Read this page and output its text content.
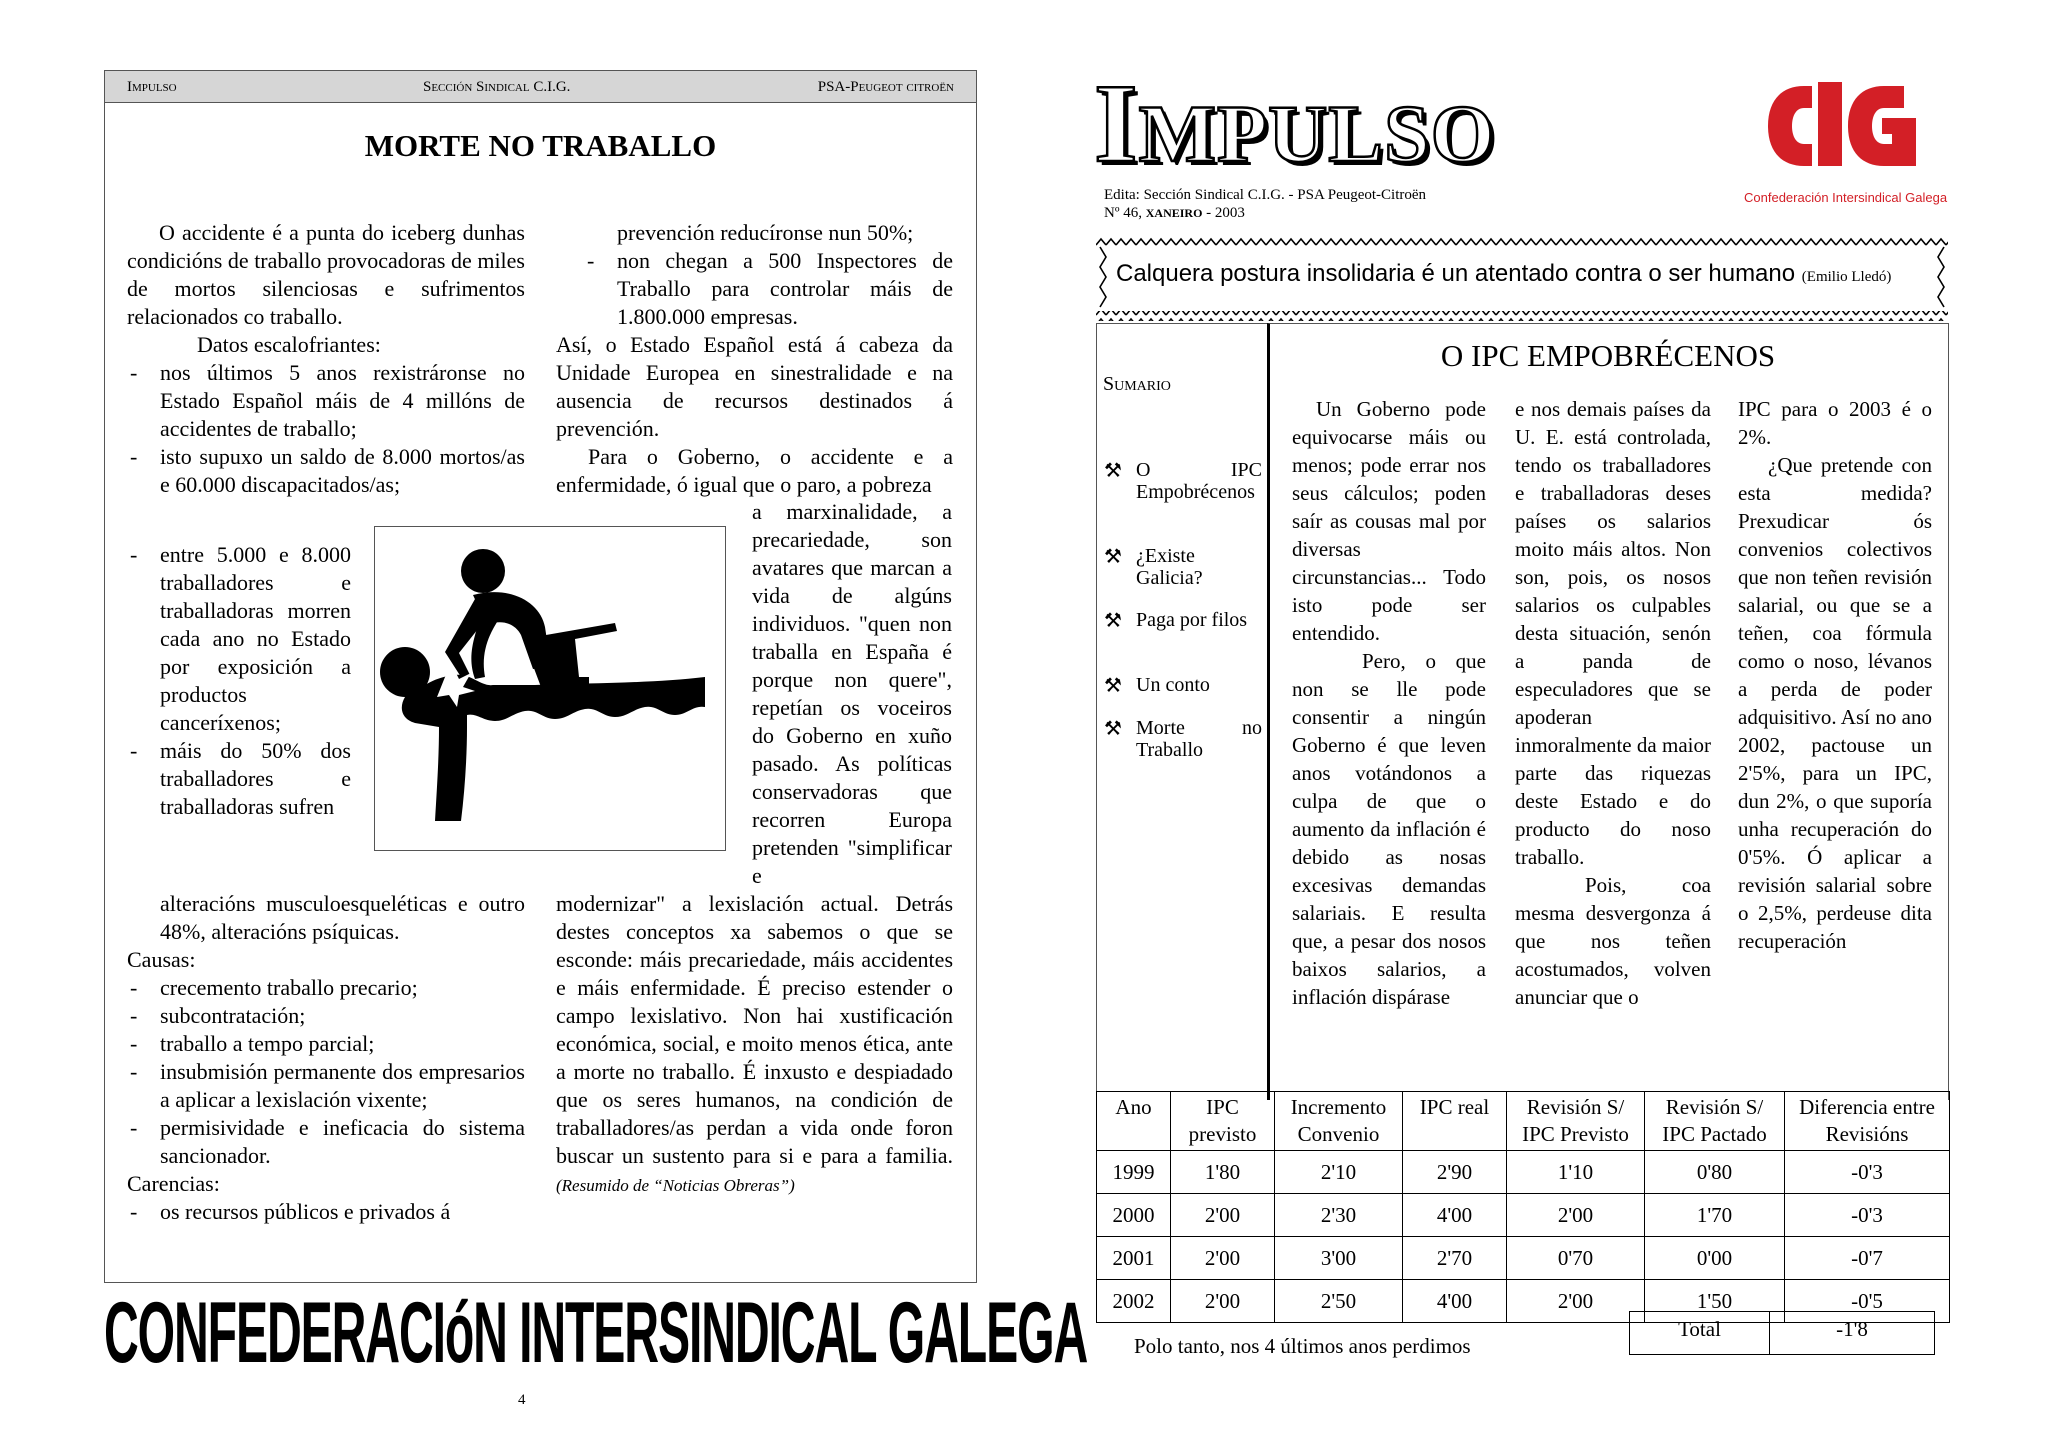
Impulso	Sección Sindical C.I.G.	PSA-Peugeot citroën
MORTE NO TRABALLO

O accidente é a punta do iceberg dunhas condicións de traballo provocadoras de miles de mortos silenciosas e sufrimentos relacionados co traballo.

Datos escalofriantes:

-	nos últimos 5 anos rexistráronse no Estado Español máis de 4 millóns de accidentes de traballo;
-	isto supuxo un saldo de 8.000 mortos/as e 60.000 discapacitados/as;
-	entre 5.000 e 8.000 traballadores e traballadoras morren cada ano no Estado por exposición a productos canceríxenos;
-	máis do 50% dos traballadores e traballadoras sufren

alteracións musculoesqueléticas e outro 48%, alteracións psíquicas.

Causas:

-	crecemento traballo precario;
-	subcontratación;
-	traballo a tempo parcial;
-	insubmisión permanente dos empresarios a aplicar a lexislación vixente;
-	permisividade e ineficacia do sistema sancionador.

Carencias:

-	os recursos públicos e privados á

prevención reducíronse nun 50%;

-	non chegan a 500 Inspectores de Traballo para controlar máis de 1.800.000 empresas.

Así, o Estado Español está á cabeza da Unidade Europea en sinestralidade e na ausencia de recursos destinados á prevención.

Para o Goberno, o accidente e a enfermidade, ó igual que o paro, a pobreza

a marxinalidade, a precariedade, son avatares que marcan a vida de algúns individuos. "quen non traballa en España é porque non quere", repetían os voceiros do Goberno en xuño pasado. As políticas conservadoras que recorren Europa pretenden "simplificar e
modernizar" a lexislación actual. Detrás destes conceptos xa sabemos o que se esconde: máis precariedade, máis accidentes e máis enfermidade. É preciso estender o campo lexislativo. Non hai xustificación económica, social, e moito menos ética, ante a morte no traballo. É inxusto e despiadado que os seres humanos, na condición de traballadores/as perdan a vida onde foron buscar un sustento para si e para a familia. (Resumido de “Noticias Obreras”)
CONFEDERACIóN INTERSINDICAL GALEGA
4
IMPULSO
Edita: Sección Sindical C.I.G. - PSA Peugeot-Citroën
Nº 46, XANEIRO - 2003
Confederación Intersindical Galega
Calquera postura insolidaria é un atentado contra o ser humano (Emilio Lledó)
Sumario
⚒ O IPC Empobrécenos
⚒ ¿Existe Galicia?
⚒ Paga por filos
⚒ Un conto
⚒ Morte no Traballo
O IPC EMPOBRÉCENOS

Un Goberno pode equivocarse máis ou menos; pode errar nos seus cálculos; poden saír as cousas mal por diversas circunstancias... Todo isto pode ser entendido.

Pero, o que non se lle pode consentir a ningún Goberno é que leven anos votándonos a culpa de que o aumento da inflación é debido as nosas excesivas demandas salariais. E resulta que, a pesar dos nosos baixos salarios, a inflación dispárase

e nos demais países da U. E. está controlada, tendo os traballadores e traballadoras deses países os salarios moito máis altos. Non son, pois, os nosos salarios os culpables desta situación, senón a panda de especuladores que se apoderan inmoralmente da maior parte das riquezas deste Estado e do producto do noso traballo.

Pois, coa mesma desvergonza á que nos teñen acostumados, volven anunciar que o

IPC para o 2003 é o 2%.

¿Que pretende con esta medida? Prexudicar ós convenios colectivos que non teñen revisión salarial, ou que se a teñen, coa fórmula como o noso, lévanos a perda de poder adquisitivo. Así no ano 2002, pactouse un 2'5%, para un IPC, dun 2%, o que suporía unha recuperación do 0'5%. Ó aplicar a revisión salarial sobre o 2,5%, perdeuse dita recuperación

Ano	IPC previsto	Incremento Convenio	IPC real	Revisión S/ IPC Previsto	Revisión S/ IPC Pactado	Diferencia entre Revisións
1999	1'80	2'10	2'90	1'10	0'80	-0'3
2000	2'00	2'30	4'00	2'00	1'70	-0'3
2001	2'00	3'00	2'70	0'70	0'00	-0'7
2002	2'00	2'50	4'00	2'00	1'50	-0'5
Total	-1'8
Polo tanto, nos 4 últimos anos perdimos
